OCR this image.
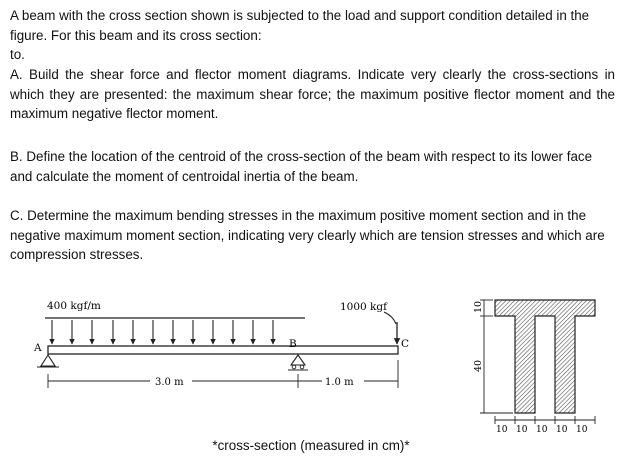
A beam with the cross section shown is subjected to the load and support condition detailed in the figure. For this beam and its cross section:

to.

A. Build the shear force and flector moment diagrams. Indicate very clearly the cross-sections in which they are presented: the maximum shear force; the maximum positive flector moment and the maximum negative flector moment.

B. Define the location of the centroid of the cross-section of the beam with respect to its lower face and calculate the moment of centroidal inertia of the beam.

C. Determine the maximum bending stresses in the maximum positive moment section and in the negative maximum moment section, indicating very clearly which are tension stresses and which are compression stresses.

400 kgf/m
A	B	C
1000 kgf
3.0 m	1.0 m
10
40
10 10 10 10 10
*cross-section (measured in cm)*
